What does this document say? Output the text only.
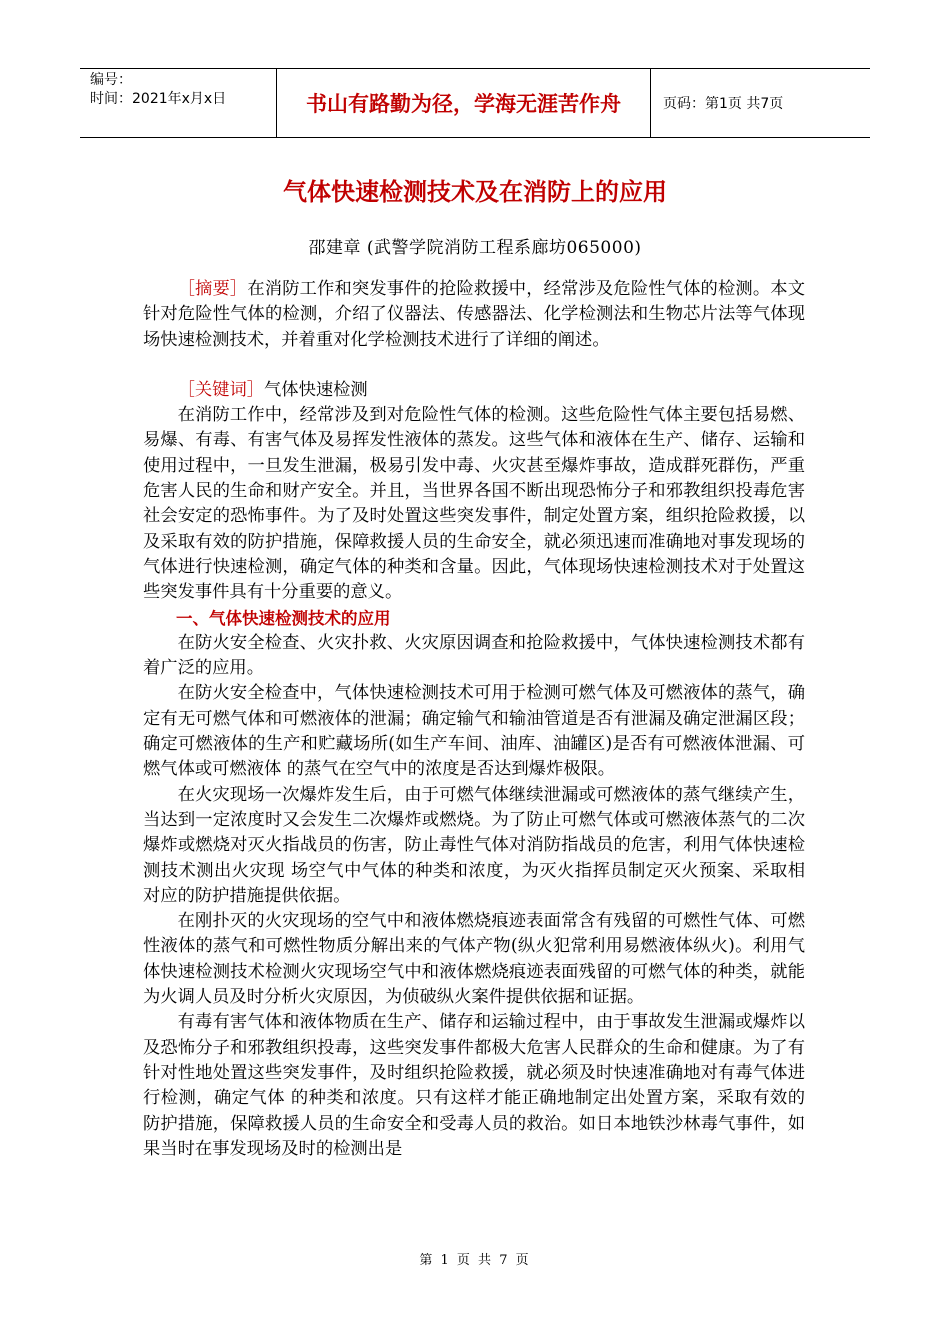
编号：
时间：2021年x月x日	书山有路勤为径，学海无涯苦作舟	页码：第1页 共7页
气体快速检测技术及在消防上的应用
邵建章 (武警学院消防工程系廊坊065000)

［摘要］在消防工作和突发事件的抢险救援中，经常涉及危险性气体的检测。本文针对危险性气体的检测，介绍了仪器法、传感器法、化学检测法和生物芯片法等气体现场快速检测技术，并着重对化学检测技术进行了详细的阐述。

［关键词］气体快速检测

在消防工作中，经常涉及到对危险性气体的检测。这些危险性气体主要包括易燃、易爆、有毒、有害气体及易挥发性液体的蒸发。这些气体和液体在生产、储存、运输和使用过程中，一旦发生泄漏，极易引发中毒、火灾甚至爆炸事故，造成群死群伤，严重危害人民的生命和财产安全。并且，当世界各国不断出现恐怖分子和邪教组织投毒危害社会安定的恐怖事件。为了及时处置这些突发事件，制定处置方案，组织抢险救援，以及采取有效的防护措施，保障救援人员的生命安全，就必须迅速而准确地对事发现场的气体进行快速检测，确定气体的种类和含量。因此，气体现场快速检测技术对于处置这些突发事件具有十分重要的意义。

一、气体快速检测技术的应用

在防火安全检查、火灾扑救、火灾原因调查和抢险救援中，气体快速检测技术都有着广泛的应用。

在防火安全检查中，气体快速检测技术可用于检测可燃气体及可燃液体的蒸气，确定有无可燃气体和可燃液体的泄漏；确定输气和输油管道是否有泄漏及确定泄漏区段；确定可燃液体的生产和贮藏场所(如生产车间、油库、油罐区)是否有可燃液体泄漏、可燃气体或可燃液体 的蒸气在空气中的浓度是否达到爆炸极限。

在火灾现场一次爆炸发生后，由于可燃气体继续泄漏或可燃液体的蒸气继续产生，当达到一定浓度时又会发生二次爆炸或燃烧。为了防止可燃气体或可燃液体蒸气的二次爆炸或燃烧对灭火指战员的伤害，防止毒性气体对消防指战员的危害，利用气体快速检测技术测出火灾现 场空气中气体的种类和浓度，为灭火指挥员制定灭火预案、采取相对应的防护措施提供依据。

在刚扑灭的火灾现场的空气中和液体燃烧痕迹表面常含有残留的可燃性气体、可燃性液体的蒸气和可燃性物质分解出来的气体产物(纵火犯常利用易燃液体纵火)。利用气体快速检测技术检测火灾现场空气中和液体燃烧痕迹表面残留的可燃气体的种类，就能为火调人员及时分析火灾原因，为侦破纵火案件提供依据和证据。

有毒有害气体和液体物质在生产、储存和运输过程中，由于事故发生泄漏或爆炸以及恐怖分子和邪教组织投毒，这些突发事件都极大危害人民群众的生命和健康。为了有针对性地处置这些突发事件，及时组织抢险救援，就必须及时快速准确地对有毒气体进行检测，确定气体 的种类和浓度。只有这样才能正确地制定出处置方案，采取有效的防护措施，保障救援人员的生命安全和受毒人员的救治。如日本地铁沙林毒气事件，如果当时在事发现场及时的检测出是

第 1 页 共 7 页
